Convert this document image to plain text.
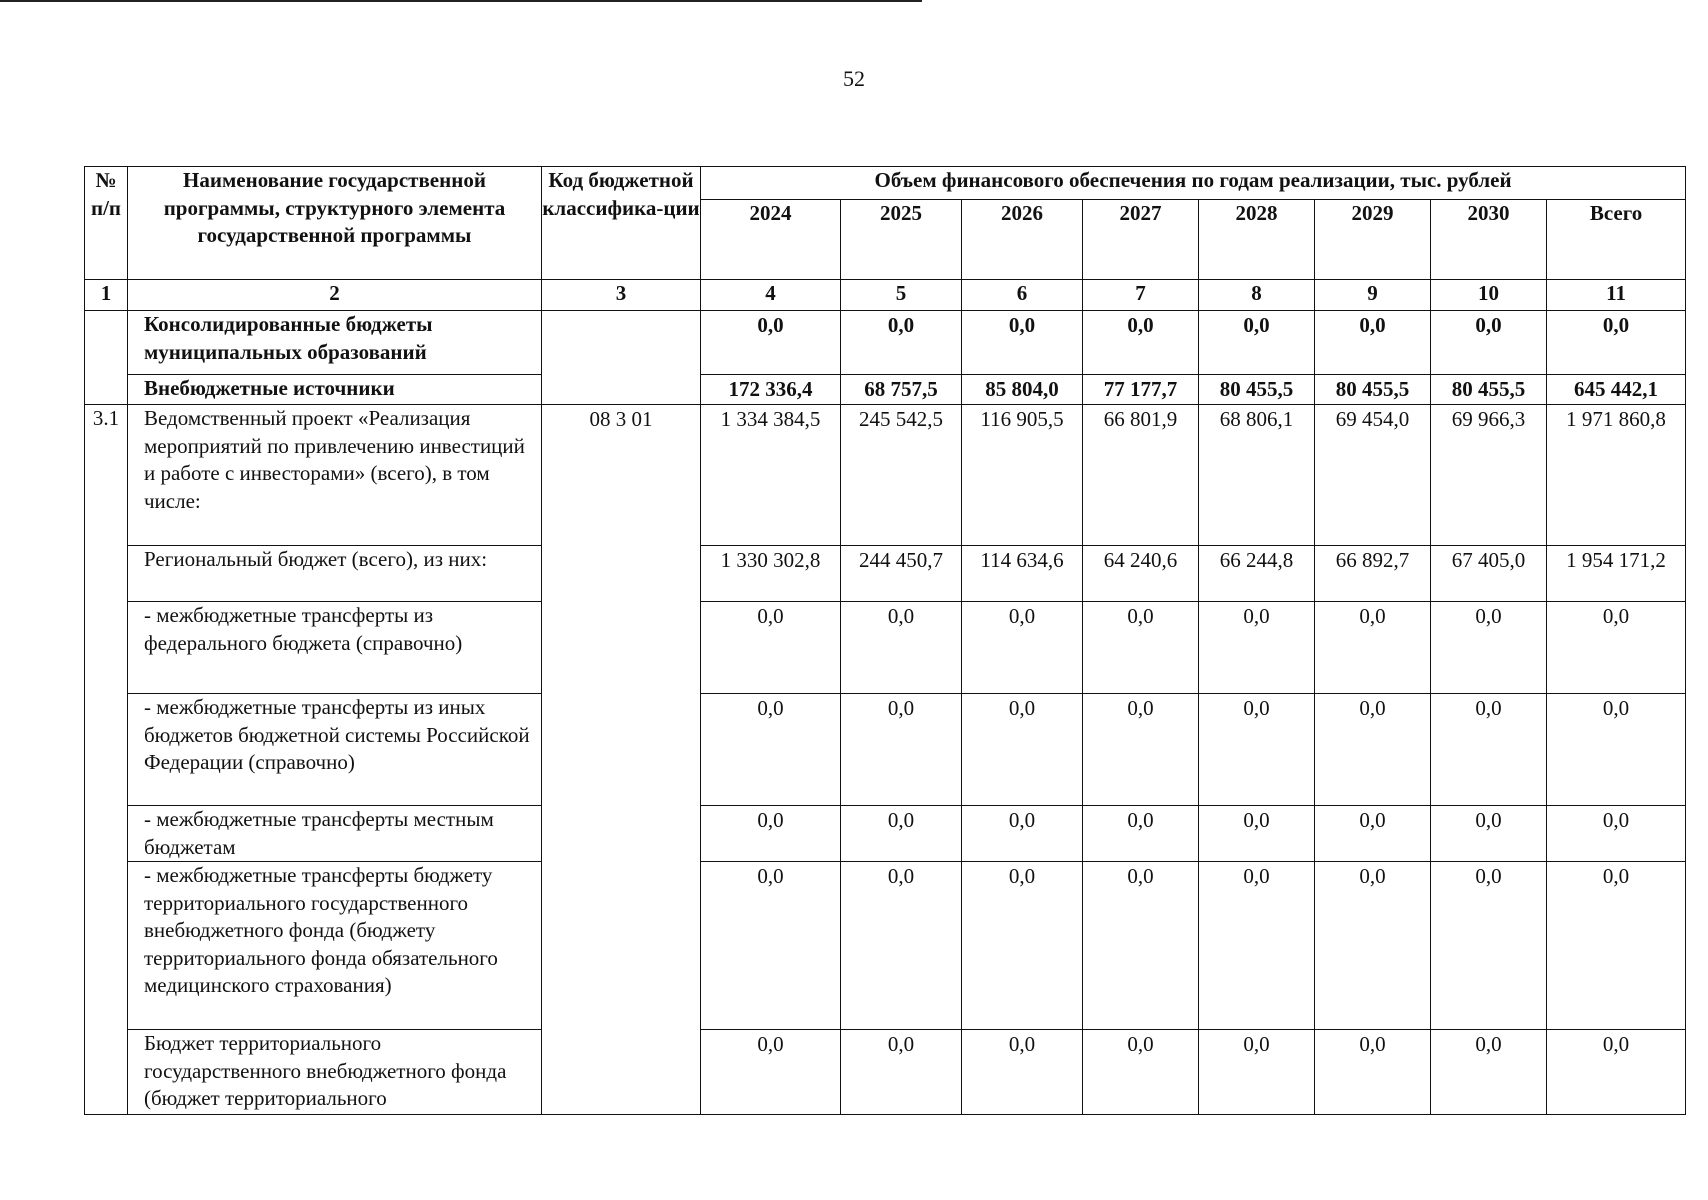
52
№ п/п	Наименование государственной программы, структурного элемента государственной программы	Код бюджетной классифика-ции	Объем финансового обеспечения по годам реализации, тыс. рублей							
			2024	2025	2026	2027	2028	2029	2030	Всего
1	2	3	4	5	6	7	8	9	10	11
	Консолидированные бюджеты муниципальных образований		0,0	0,0	0,0	0,0	0,0	0,0	0,0	0,0
	Внебюджетные источники		172 336,4	68 757,5	85 804,0	77 177,7	80 455,5	80 455,5	80 455,5	645 442,1
3.1	Ведомственный проект «Реализация мероприятий по привлечению инвестиций и работе с инвесторами» (всего), в том числе:	08 3 01	1 334 384,5	245 542,5	116 905,5	66 801,9	68 806,1	69 454,0	69 966,3	1 971 860,8
	Региональный бюджет (всего), из них:		1 330 302,8	244 450,7	114 634,6	64 240,6	66 244,8	66 892,7	67 405,0	1 954 171,2
	- межбюджетные трансферты из федерального бюджета (справочно)		0,0	0,0	0,0	0,0	0,0	0,0	0,0	0,0
	- межбюджетные трансферты из иных бюджетов бюджетной системы Российской Федерации (справочно)		0,0	0,0	0,0	0,0	0,0	0,0	0,0	0,0
	- межбюджетные трансферты местным бюджетам		0,0	0,0	0,0	0,0	0,0	0,0	0,0	0,0
	- межбюджетные трансферты бюджету территориального государственного внебюджетного фонда (бюджету территориального фонда обязательного медицинского страхования)		0,0	0,0	0,0	0,0	0,0	0,0	0,0	0,0
	Бюджет территориального государственного внебюджетного фонда (бюджет территориального		0,0	0,0	0,0	0,0	0,0	0,0	0,0	0,0
